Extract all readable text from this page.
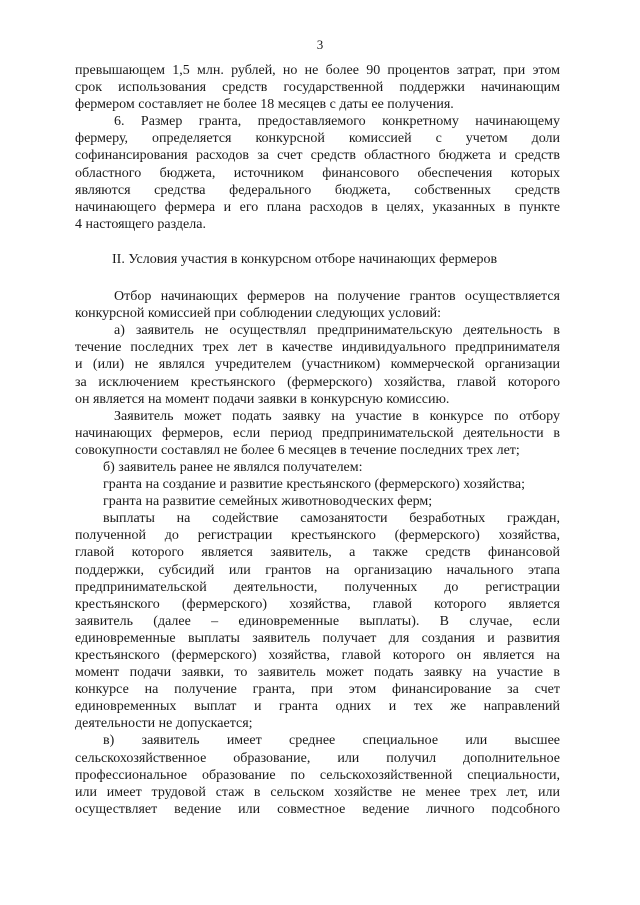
3
превышающем 1,5 млн. рублей, но не более 90 процентов затрат, при этом
срок использования средств государственной поддержки начинающим
фермером составляет не более 18 месяцев с даты ее получения.
6. Размер гранта, предоставляемого конкретному начинающему
фермеру, определяется конкурсной комиссией с учетом доли
софинансирования расходов за счет средств областного бюджета и средств
областного бюджета, источником финансового обеспечения которых
являются средства федерального бюджета, собственных средств
начинающего фермера и его плана расходов в целях, указанных в пункте
4 настоящего раздела.
II. Условия участия в конкурсном отборе начинающих фермеров
Отбор начинающих фермеров на получение грантов осуществляется
конкурсной комиссией при соблюдении следующих условий:
а) заявитель не осуществлял предпринимательскую деятельность в
течение последних трех лет в качестве индивидуального предпринимателя
и (или) не являлся учредителем (участником) коммерческой организации
за исключением крестьянского (фермерского) хозяйства, главой которого
он является на момент подачи заявки в конкурсную комиссию.
Заявитель может подать заявку на участие в конкурсе по отбору
начинающих фермеров, если период предпринимательской деятельности в
совокупности составлял не более 6 месяцев в течение последних трех лет;
б) заявитель ранее не являлся получателем:
гранта на создание и развитие крестьянского (фермерского) хозяйства;
гранта на развитие семейных животноводческих ферм;
выплаты на содействие самозанятости безработных граждан,
полученной до регистрации крестьянского (фермерского) хозяйства,
главой которого является заявитель, а также средств финансовой
поддержки, субсидий или грантов на организацию начального этапа
предпринимательской деятельности, полученных до регистрации
крестьянского (фермерского) хозяйства, главой которого является
заявитель (далее – единовременные выплаты). В случае, если
единовременные выплаты заявитель получает для создания и развития
крестьянского (фермерского) хозяйства, главой которого он является на
момент подачи заявки, то заявитель может подать заявку на участие в
конкурсе на получение гранта, при этом финансирование за счет
единовременных выплат и гранта одних и тех же направлений
деятельности не допускается;
в) заявитель имеет среднее специальное или высшее
сельскохозяйственное образование, или получил дополнительное
профессиональное образование по сельскохозяйственной специальности,
или имеет трудовой стаж в сельском хозяйстве не менее трех лет, или
осуществляет ведение или совместное ведение личного подсобного
